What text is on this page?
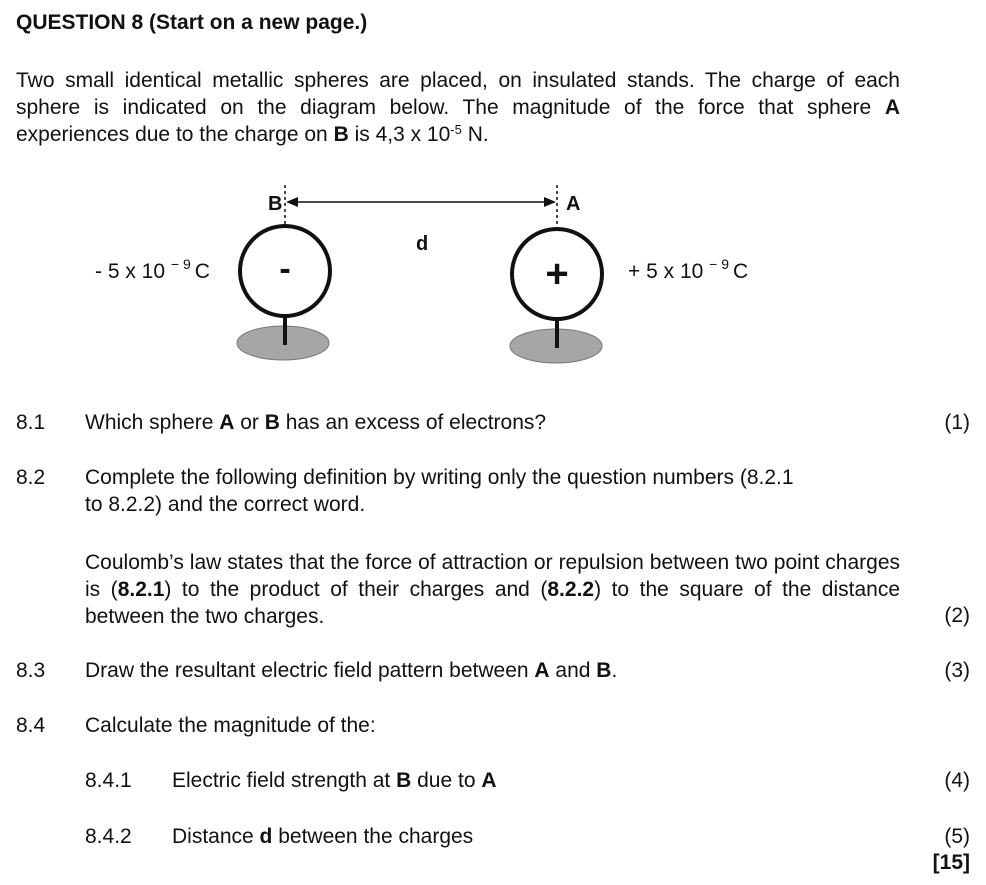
QUESTION 8 (Start on a new page.)
Two small identical metallic spheres are placed, on insulated stands. The charge of each sphere is indicated on the diagram below. The magnitude of the force that sphere A experiences due to the charge on B is 4,3 x $10^{-5}$ N.
B	A
d
-	+
- 5 x 10 $^{- 9}$ C	+ 5 x 10 $^{- 9}$ C
8.1 Which sphere A or B has an excess of electrons?	(1)
8.2 Complete the following definition by writing only the question numbers (8.2.1
to 8.2.2) and the correct word.
Coulomb’s law states that the force of attraction or repulsion between two point charges is (8.2.1) to the product of their charges and (8.2.2) to the square of the distance between the two charges.	(2)
8.3 Draw the resultant electric field pattern between A and B.	(3)
8.4 Calculate the magnitude of the:
8.4.1 Electric field strength at B due to A	(4)
8.4.2 Distance d between the charges	(5)
[15]
